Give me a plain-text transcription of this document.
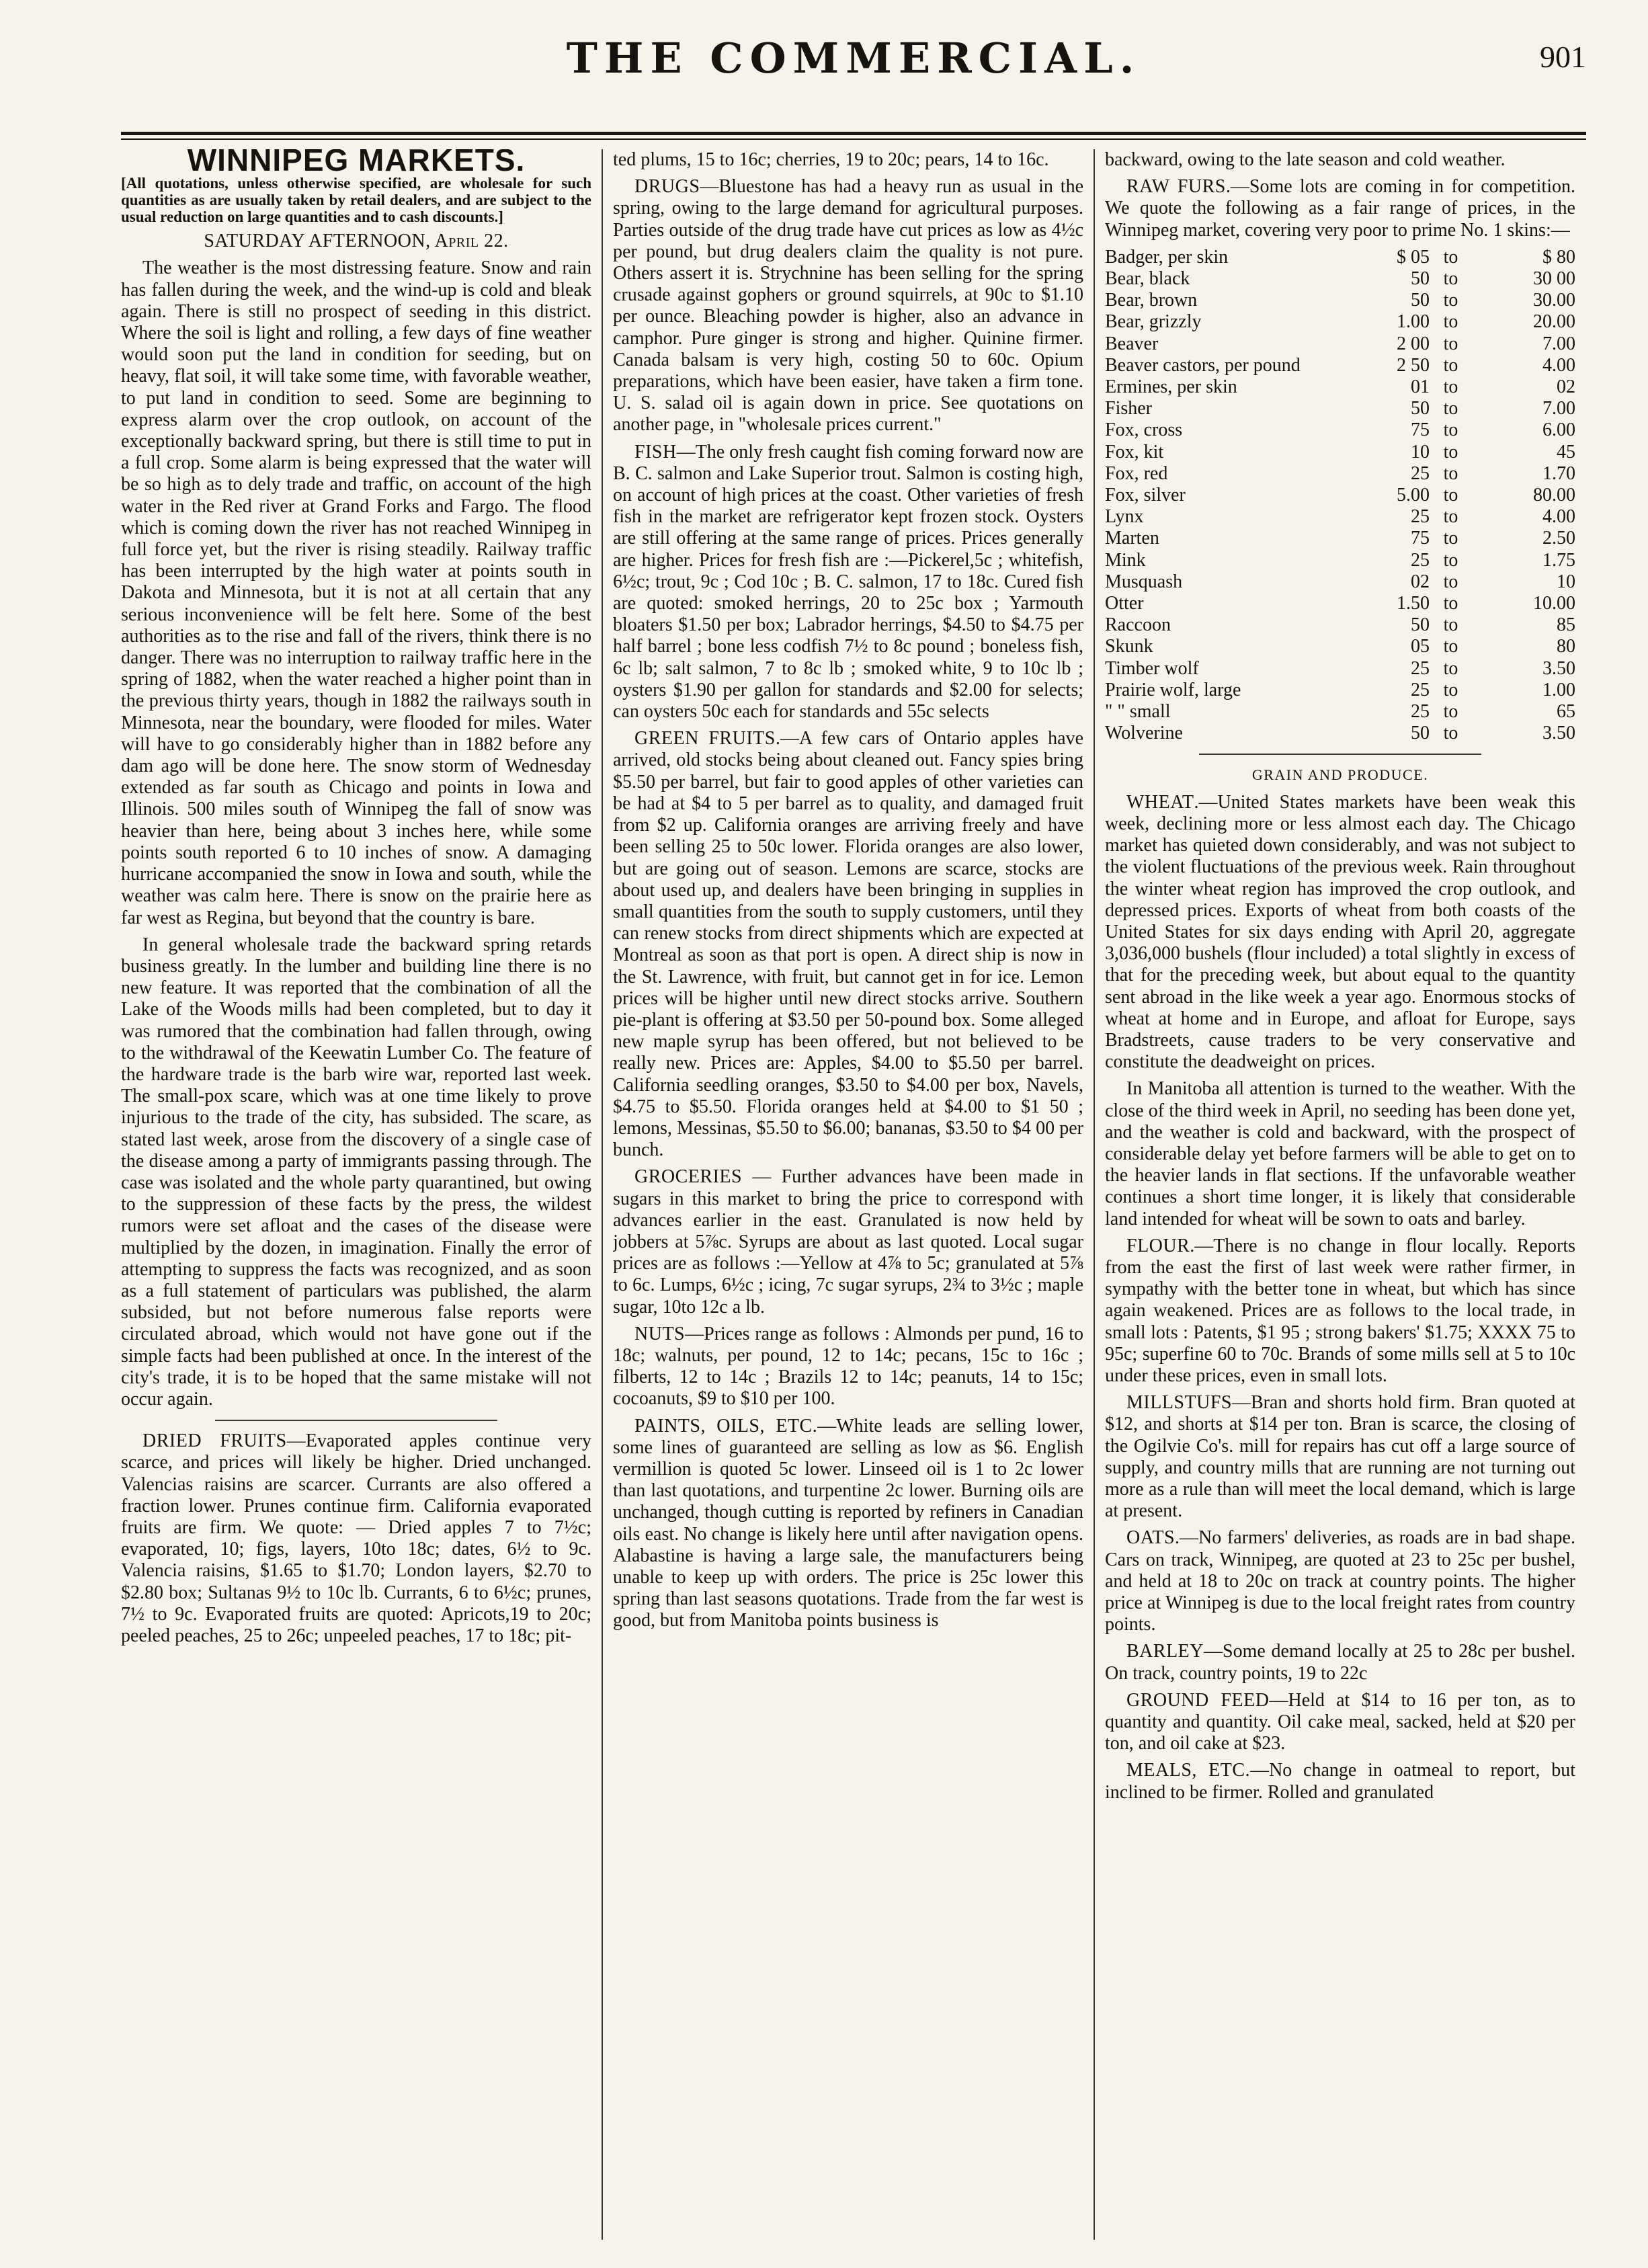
THE COMMERCIAL.	901
WINNIPEG MARKETS.
[All quotations, unless otherwise specified, are wholesale for such quantities as are usually taken by retail dealers, and are subject to the usual reduction on large quantities and to cash discounts.]
SATURDAY AFTERNOON, April 22.

The weather is the most distressing feature. Snow and rain has fallen during the week, and the wind-up is cold and bleak again. There is still no prospect of seeding in this district. Where the soil is light and rolling, a few days of fine weather would soon put the land in condition for seeding, but on heavy, flat soil, it will take some time, with favorable weather, to put land in condition to seed. Some are beginning to express alarm over the crop outlook, on account of the exceptionally backward spring, but there is still time to put in a full crop. Some alarm is being expressed that the water will be so high as to dely trade and traffic, on account of the high water in the Red river at Grand Forks and Fargo. The flood which is coming down the river has not reached Winnipeg in full force yet, but the river is rising steadily. Railway traffic has been interrupted by the high water at points south in Dakota and Minnesota, but it is not at all certain that any serious inconvenience will be felt here. Some of the best authorities as to the rise and fall of the rivers, think there is no danger. There was no interruption to railway traffic here in the spring of 1882, when the water reached a higher point than in the previous thirty years, though in 1882 the railways south in Minnesota, near the boundary, were flooded for miles. Water will have to go considerably higher than in 1882 before any dam ago will be done here. The snow storm of Wednesday extended as far south as Chicago and points in Iowa and Illinois. 500 miles south of Winnipeg the fall of snow was heavier than here, being about 3 inches here, while some points south reported 6 to 10 inches of snow. A damaging hurricane accompanied the snow in Iowa and south, while the weather was calm here. There is snow on the prairie here as far west as Regina, but beyond that the country is bare.

In general wholesale trade the backward spring retards business greatly. In the lumber and building line there is no new feature. It was reported that the combination of all the Lake of the Woods mills had been completed, but to day it was rumored that the combination had fallen through, owing to the withdrawal of the Keewatin Lumber Co. The feature of the hardware trade is the barb wire war, reported last week. The small-pox scare, which was at one time likely to prove injurious to the trade of the city, has subsided. The scare, as stated last week, arose from the discovery of a single case of the disease among a party of immigrants passing through. The case was isolated and the whole party quarantined, but owing to the suppression of these facts by the press, the wildest rumors were set afloat and the cases of the disease were multiplied by the dozen, in imagination. Finally the error of attempting to suppress the facts was recognized, and as soon as a full statement of particulars was published, the alarm subsided, but not before numerous false reports were circulated abroad, which would not have gone out if the simple facts had been published at once. In the interest of the city's trade, it is to be hoped that the same mistake will not occur again.

DRIED FRUITS—Evaporated apples continue very scarce, and prices will likely be higher. Dried unchanged. Valencias raisins are scarcer. Currants are also offered a fraction lower. Prunes continue firm. California evaporated fruits are firm. We quote: — Dried apples 7 to 7½c; evaporated, 10; figs, layers, 10to 18c; dates, 6½ to 9c. Valencia raisins, $1.65 to $1.70; London layers, $2.70 to $2.80 box; Sultanas 9½ to 10c lb. Currants, 6 to 6½c; prunes, 7½ to 9c. Evaporated fruits are quoted: Apricots,19 to 20c; peeled peaches, 25 to 26c; unpeeled peaches, 17 to 18c; pit-

ted plums, 15 to 16c; cherries, 19 to 20c; pears, 14 to 16c.

DRUGS—Bluestone has had a heavy run as usual in the spring, owing to the large demand for agricultural purposes. Parties outside of the drug trade have cut prices as low as 4½c per pound, but drug dealers claim the quality is not pure. Others assert it is. Strychnine has been selling for the spring crusade against gophers or ground squirrels, at 90c to $1.10 per ounce. Bleaching powder is higher, also an advance in camphor. Pure ginger is strong and higher. Quinine firmer. Canada balsam is very high, costing 50 to 60c. Opium preparations, which have been easier, have taken a firm tone. U. S. salad oil is again down in price. See quotations on another page, in "wholesale prices current."

FISH—The only fresh caught fish coming forward now are B. C. salmon and Lake Superior trout. Salmon is costing high, on account of high prices at the coast. Other varieties of fresh fish in the market are refrigerator kept frozen stock. Oysters are still offering at the same range of prices. Prices generally are higher. Prices for fresh fish are :—Pickerel,5c ; whitefish, 6½c; trout, 9c ; Cod 10c ; B. C. salmon, 17 to 18c. Cured fish are quoted: smoked herrings, 20 to 25c box ; Yarmouth bloaters $1.50 per box; Labrador herrings, $4.50 to $4.75 per half barrel ; bone less codfish 7½ to 8c pound ; boneless fish, 6c lb; salt salmon, 7 to 8c lb ; smoked white, 9 to 10c lb ; oysters $1.90 per gallon for standards and $2.00 for selects; can oysters 50c each for standards and 55c selects

GREEN FRUITS.—A few cars of Ontario apples have arrived, old stocks being about cleaned out. Fancy spies bring $5.50 per barrel, but fair to good apples of other varieties can be had at $4 to 5 per barrel as to quality, and damaged fruit from $2 up. California oranges are arriving freely and have been selling 25 to 50c lower. Florida oranges are also lower, but are going out of season. Lemons are scarce, stocks are about used up, and dealers have been bringing in supplies in small quantities from the south to supply customers, until they can renew stocks from direct shipments which are expected at Montreal as soon as that port is open. A direct ship is now in the St. Lawrence, with fruit, but cannot get in for ice. Lemon prices will be higher until new direct stocks arrive. Southern pie-plant is offering at $3.50 per 50-pound box. Some alleged new maple syrup has been offered, but not believed to be really new. Prices are: Apples, $4.00 to $5.50 per barrel. California seedling oranges, $3.50 to $4.00 per box, Navels, $4.75 to $5.50. Florida oranges held at $4.00 to $1 50 ; lemons, Messinas, $5.50 to $6.00; bananas, $3.50 to $4 00 per bunch.

GROCERIES — Further advances have been made in sugars in this market to bring the price to correspond with advances earlier in the east. Granulated is now held by jobbers at 5⅞c. Syrups are about as last quoted. Local sugar prices are as follows :—Yellow at 4⅞ to 5c; granulated at 5⅞ to 6c. Lumps, 6½c ; icing, 7c sugar syrups, 2¾ to 3½c ; maple sugar, 10to 12c a lb.

NUTS—Prices range as follows : Almonds per pund, 16 to 18c; walnuts, per pound, 12 to 14c; pecans, 15c to 16c ; filberts, 12 to 14c ; Brazils 12 to 14c; peanuts, 14 to 15c; cocoanuts, $9 to $10 per 100.

PAINTS, OILS, ETC.—White leads are selling lower, some lines of guaranteed are selling as low as $6. English vermillion is quoted 5c lower. Linseed oil is 1 to 2c lower than last quotations, and turpentine 2c lower. Burning oils are unchanged, though cutting is reported by refiners in Canadian oils east. No change is likely here until after navigation opens. Alabastine is having a large sale, the manufacturers being unable to keep up with orders. The price is 25c lower this spring than last seasons quotations. Trade from the far west is good, but from Manitoba points business is

backward, owing to the late season and cold weather.

RAW FURS.—Some lots are coming in for competition. We quote the following as a fair range of prices, in the Winnipeg market, covering very poor to prime No. 1 skins:—

Badger, per skin	$ 05	to	$ 80
Bear, black	50	to	30 00
Bear, brown	50	to	30.00
Bear, grizzly	1.00	to	20.00
Beaver	2 00	to	7.00
Beaver castors, per pound	2 50	to	4.00
Ermines, per skin	01	to	02
Fisher	50	to	7.00
Fox, cross	75	to	6.00
Fox, kit	10	to	45
Fox, red	25	to	1.70
Fox, silver	5.00	to	80.00
Lynx	25	to	4.00
Marten	75	to	2.50
Mink	25	to	1.75
Musquash	02	to	10
Otter	1.50	to	10.00
Raccoon	50	to	85
Skunk	05	to	80
Timber wolf	25	to	3.50
Prairie wolf, large	25	to	1.00
" " small	25	to	65
Wolverine	50	to	3.50
GRAIN AND PRODUCE.

WHEAT.—United States markets have been weak this week, declining more or less almost each day. The Chicago market has quieted down considerably, and was not subject to the violent fluctuations of the previous week. Rain throughout the winter wheat region has improved the crop outlook, and depressed prices. Exports of wheat from both coasts of the United States for six days ending with April 20, aggregate 3,036,000 bushels (flour included) a total slightly in excess of that for the preceding week, but about equal to the quantity sent abroad in the like week a year ago. Enormous stocks of wheat at home and in Europe, and afloat for Europe, says Bradstreets, cause traders to be very conservative and constitute the deadweight on prices.

In Manitoba all attention is turned to the weather. With the close of the third week in April, no seeding has been done yet, and the weather is cold and backward, with the prospect of considerable delay yet before farmers will be able to get on to the heavier lands in flat sections. If the unfavorable weather continues a short time longer, it is likely that considerable land intended for wheat will be sown to oats and barley.

FLOUR.—There is no change in flour locally. Reports from the east the first of last week were rather firmer, in sympathy with the better tone in wheat, but which has since again weakened. Prices are as follows to the local trade, in small lots : Patents, $1 95 ; strong bakers' $1.75; XXXX 75 to 95c; superfine 60 to 70c. Brands of some mills sell at 5 to 10c under these prices, even in small lots.

MILLSTUFS—Bran and shorts hold firm. Bran quoted at $12, and shorts at $14 per ton. Bran is scarce, the closing of the Ogilvie Co's. mill for repairs has cut off a large source of supply, and country mills that are running are not turning out more as a rule than will meet the local demand, which is large at present.

OATS.—No farmers' deliveries, as roads are in bad shape. Cars on track, Winnipeg, are quoted at 23 to 25c per bushel, and held at 18 to 20c on track at country points. The higher price at Winnipeg is due to the local freight rates from country points.

BARLEY—Some demand locally at 25 to 28c per bushel. On track, country points, 19 to 22c

GROUND FEED—Held at $14 to 16 per ton, as to quantity and quantity. Oil cake meal, sacked, held at $20 per ton, and oil cake at $23.

MEALS, ETC.—No change in oatmeal to report, but inclined to be firmer. Rolled and granulated
